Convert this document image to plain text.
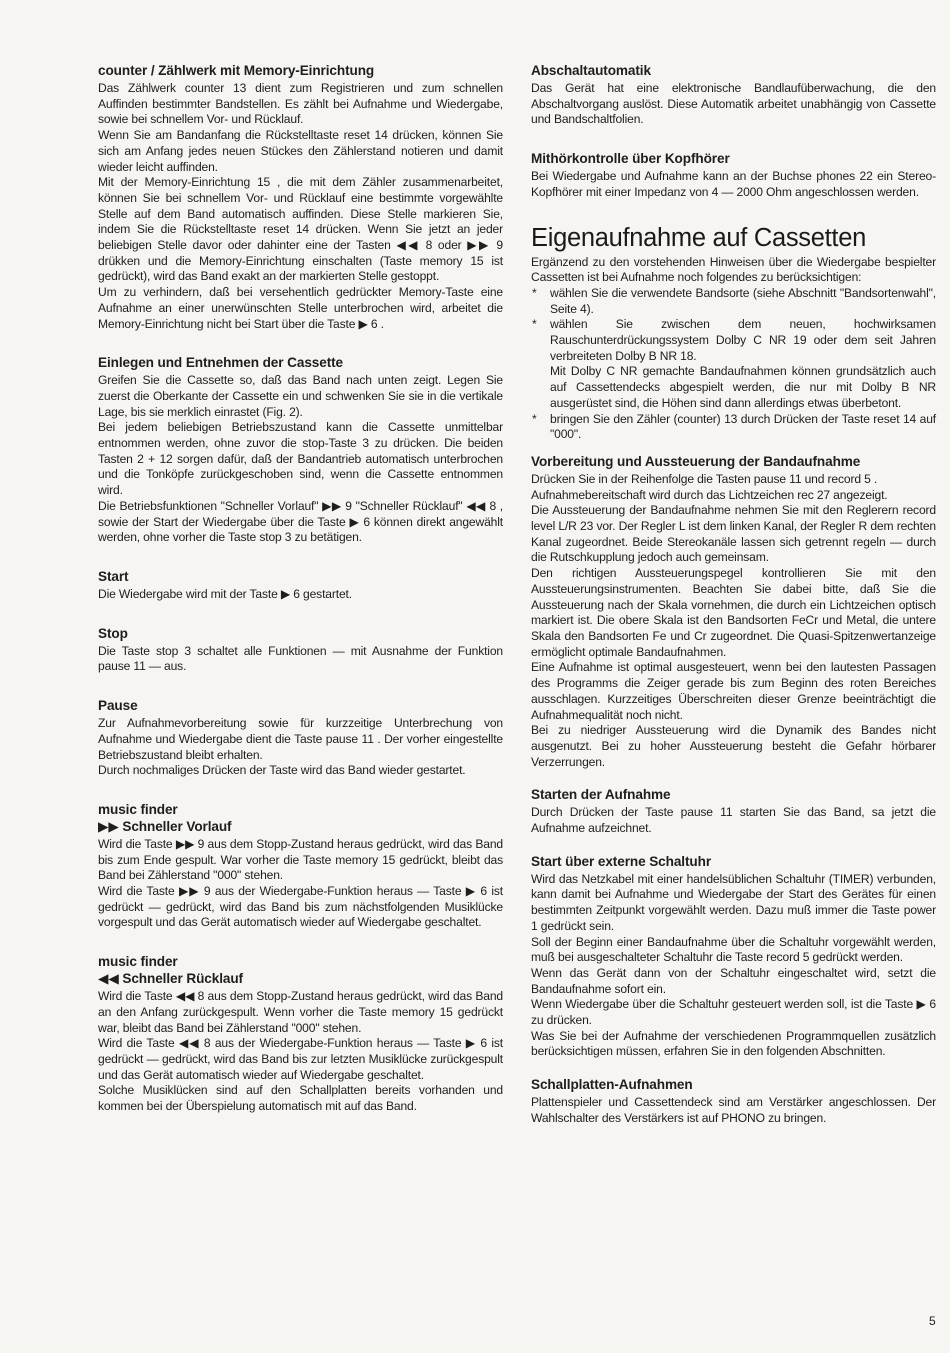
counter / Zählwerk mit Memory-Einrichtung

Das Zählwerk counter 13 dient zum Registrieren und zum schnellen Auffinden bestimmter Bandstellen. Es zählt bei Aufnahme und Wiedergabe, sowie bei schnellem Vor- und Rücklauf.

Wenn Sie am Bandanfang die Rückstelltaste reset 14 drücken, können Sie sich am Anfang jedes neuen Stückes den Zählerstand notieren und damit wieder leicht auffinden.

Mit der Memory-Einrichtung 15 , die mit dem Zähler zusammenarbeitet, können Sie bei schnellem Vor- und Rücklauf eine bestimmte vorgewählte Stelle auf dem Band automatisch auffinden. Diese Stelle markieren Sie, indem Sie die Rückstelltaste reset 14 drücken. Wenn Sie jetzt an jeder beliebigen Stelle davor oder dahinter eine der Tasten ◀◀ 8 oder ▶▶ 9 drükken und die Memory-Einrichtung einschalten (Taste memory 15 ist gedrückt), wird das Band exakt an der markierten Stelle gestoppt.

Um zu verhindern, daß bei versehentlich gedrückter Memory-Taste eine Aufnahme an einer unerwünschten Stelle unterbrochen wird, arbeitet die Memory-Einrichtung nicht bei Start über die Taste ▶ 6 .

Einlegen und Entnehmen der Cassette

Greifen Sie die Cassette so, daß das Band nach unten zeigt. Legen Sie zuerst die Oberkante der Cassette ein und schwenken Sie sie in die vertikale Lage, bis sie merklich einrastet (Fig. 2).

Bei jedem beliebigen Betriebszustand kann die Cassette unmittelbar entnommen werden, ohne zuvor die stop-Taste 3 zu drücken. Die beiden Tasten 2 + 12 sorgen dafür, daß der Bandantrieb automatisch unterbrochen und die Tonköpfe zurückgeschoben sind, wenn die Cassette entnommen wird.

Die Betriebsfunktionen "Schneller Vorlauf" ▶▶ 9 "Schneller Rücklauf" ◀◀ 8 , sowie der Start der Wiedergabe über die Taste ▶ 6 können direkt angewählt werden, ohne vorher die Taste stop 3 zu betätigen.

Start

Die Wiedergabe wird mit der Taste ▶ 6 gestartet.

Stop

Die Taste stop 3 schaltet alle Funktionen — mit Ausnahme der Funktion pause 11 — aus.

Pause

Zur Aufnahmevorbereitung sowie für kurzzeitige Unterbrechung von Aufnahme und Wiedergabe dient die Taste pause 11 . Der vorher eingestellte Betriebszustand bleibt erhalten.

Durch nochmaliges Drücken der Taste wird das Band wieder gestartet.

music finder
▶▶ Schneller Vorlauf

Wird die Taste ▶▶ 9 aus dem Stopp-Zustand heraus gedrückt, wird das Band bis zum Ende gespult. War vorher die Taste memory 15 gedrückt, bleibt das Band bei Zählerstand "000" stehen.

Wird die Taste ▶▶ 9 aus der Wiedergabe-Funktion heraus — Taste ▶ 6 ist gedrückt — gedrückt, wird das Band bis zum nächstfolgenden Musiklücke vorgespult und das Gerät automatisch wieder auf Wiedergabe geschaltet.

music finder
◀◀ Schneller Rücklauf

Wird die Taste ◀◀ 8 aus dem Stopp-Zustand heraus gedrückt, wird das Band an den Anfang zurückgespult. Wenn vorher die Taste memory 15 gedrückt war, bleibt das Band bei Zählerstand "000" stehen.

Wird die Taste ◀◀ 8 aus der Wiedergabe-Funktion heraus — Taste ▶ 6 ist gedrückt — gedrückt, wird das Band bis zur letzten Musiklücke zurückgespult und das Gerät automatisch wieder auf Wiedergabe geschaltet.

Solche Musiklücken sind auf den Schallplatten bereits vorhanden und kommen bei der Überspielung automatisch mit auf das Band.

Abschaltautomatik

Das Gerät hat eine elektronische Bandlaufüberwachung, die den Abschaltvorgang auslöst. Diese Automatik arbeitet unabhängig von Cassette und Bandschaltfolien.

Mithörkontrolle über Kopfhörer

Bei Wiedergabe und Aufnahme kann an der Buchse phones 22 ein Stereo-Kopfhörer mit einer Impedanz von 4 — 2000 Ohm angeschlossen werden.

Eigenaufnahme auf Cassetten

Ergänzend zu den vorstehenden Hinweisen über die Wiedergabe bespielter Cassetten ist bei Aufnahme noch folgendes zu berücksichtigen:

* wählen Sie die verwendete Bandsorte (siehe Abschnitt "Bandsortenwahl", Seite 4).
* wählen Sie zwischen dem neuen, hochwirksamen Rauschunterdrückungssystem Dolby C NR 19 oder dem seit Jahren verbreiteten Dolby B NR 18.

Mit Dolby C NR gemachte Bandaufnahmen können grundsätzlich auch auf Cassettendecks abgespielt werden, die nur mit Dolby B NR ausgerüstet sind, die Höhen sind dann allerdings etwas überbetont.

* bringen Sie den Zähler (counter) 13 durch Drücken der Taste reset 14 auf "000".
Vorbereitung und Aussteuerung der Bandaufnahme

Drücken Sie in der Reihenfolge die Tasten pause 11 und record 5 .

Aufnahmebereitschaft wird durch das Lichtzeichen rec 27 angezeigt.

Die Aussteuerung der Bandaufnahme nehmen Sie mit den Reglerern record level L/R 23 vor. Der Regler L ist dem linken Kanal, der Regler R dem rechten Kanal zugeordnet. Beide Stereokanäle lassen sich getrennt regeln — durch die Rutschkupplung jedoch auch gemeinsam.

Den richtigen Aussteuerungspegel kontrollieren Sie mit den Aussteuerungsinstrumenten. Beachten Sie dabei bitte, daß Sie die Aussteuerung nach der Skala vornehmen, die durch ein Lichtzeichen optisch markiert ist. Die obere Skala ist den Bandsorten FeCr und Metal, die untere Skala den Bandsorten Fe und Cr zugeordnet. Die Quasi-Spitzenwertanzeige ermöglicht optimale Bandaufnahmen.

Eine Aufnahme ist optimal ausgesteuert, wenn bei den lautesten Passagen des Programms die Zeiger gerade bis zum Beginn des roten Bereiches ausschlagen. Kurzzeitiges Überschreiten dieser Grenze beeinträchtigt die Aufnahmequalität noch nicht.

Bei zu niedriger Aussteuerung wird die Dynamik des Bandes nicht ausgenutzt. Bei zu hoher Aussteuerung besteht die Gefahr hörbarer Verzerrungen.

Starten der Aufnahme

Durch Drücken der Taste pause 11 starten Sie das Band, sa jetzt die Aufnahme aufzeichnet.

Start über externe Schaltuhr

Wird das Netzkabel mit einer handelsüblichen Schaltuhr (TIMER) verbunden, kann damit bei Aufnahme und Wiedergabe der Start des Gerätes für einen bestimmten Zeitpunkt vorgewählt werden. Dazu muß immer die Taste power 1 gedrückt sein.

Soll der Beginn einer Bandaufnahme über die Schaltuhr vorgewählt werden, muß bei ausgeschalteter Schaltuhr die Taste record 5 gedrückt werden.

Wenn das Gerät dann von der Schaltuhr eingeschaltet wird, setzt die Bandaufnahme sofort ein.

Wenn Wiedergabe über die Schaltuhr gesteuert werden soll, ist die Taste ▶ 6 zu drücken.

Was Sie bei der Aufnahme der verschiedenen Programmquellen zusätzlich berücksichtigen müssen, erfahren Sie in den folgenden Abschnitten.

Schallplatten-Aufnahmen

Plattenspieler und Cassettendeck sind am Verstärker angeschlossen. Der Wahlschalter des Verstärkers ist auf PHONO zu bringen.

5
